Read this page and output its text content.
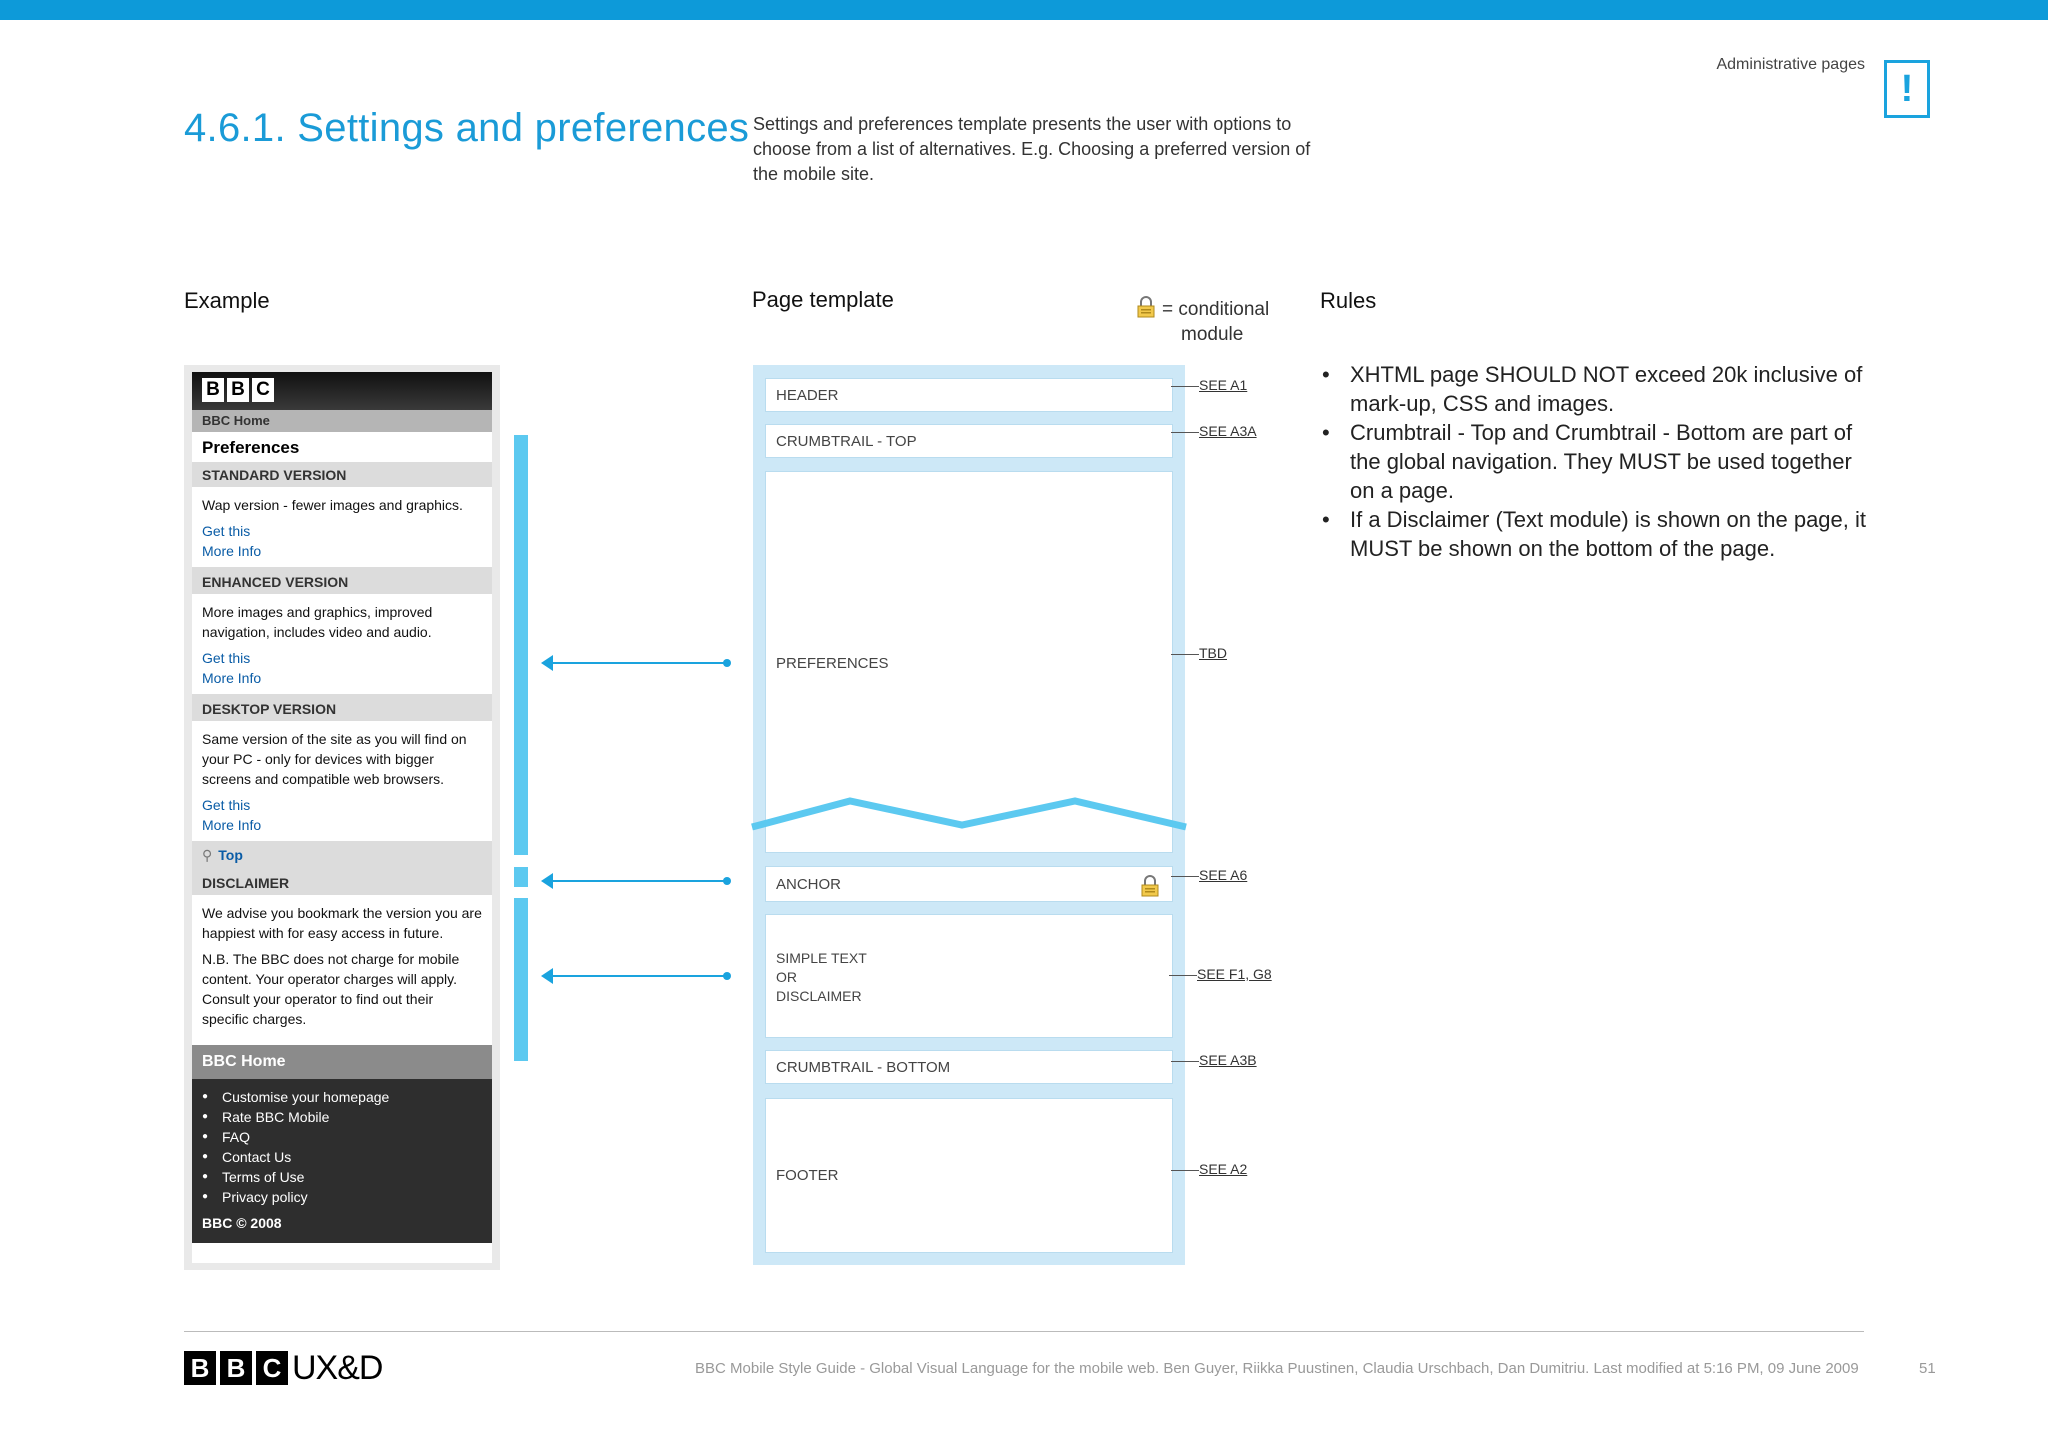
Administrative pages
!
4.6.1. Settings and preferences Settings and preferences template presents the user with options to choose from a list of alternatives. E.g. Choosing a preferred version of the mobile site.
Example	Page template	Rules
= conditional
module
B B C
BBC Home
Preferences
STANDARD VERSION

Wap version - fewer images and graphics.

Get this
More Info
ENHANCED VERSION

More images and graphics, improved navigation, includes video and audio.

Get this
More Info
DESKTOP VERSION

Same version of the site as you will find on your PC - only for devices with bigger screens and compatible web browsers.

Get this
More Info
⚲ Top
DISCLAIMER

We advise you bookmark the version you are happiest with for easy access in future.

N.B. The BBC does not charge for mobile content. Your operator charges will apply. Consult your operator to find out their specific charges.

BBC Home
● Customise your homepage
● Rate BBC Mobile
● FAQ
● Contact Us
● Terms of Use
● Privacy policy
BBC © 2008
HEADER
CRUMBTRAIL - TOP
PREFERENCES
ANCHOR
SIMPLE TEXT
OR
DISCLAIMER
CRUMBTRAIL - BOTTOM
FOOTER
SEE A1
SEE A3A
TBD
SEE A6
SEE F1, G8
SEE A3B
SEE A2
• XHTML page SHOULD NOT exceed 20k inclusive of mark-up, CSS and images.
• Crumbtrail - Top and Crumbtrail - Bottom are part of the global navigation. They MUST be used together on a page.
• If a Disclaimer (Text module) is shown on the page, it MUST be shown on the bottom of the page.
B B C UX&D	BBC Mobile Style Guide - Global Visual Language for the mobile web. Ben Guyer, Riikka Puustinen, Claudia Urschbach, Dan Dumitriu. Last modified at 5:16 PM, 09 June 2009	51
